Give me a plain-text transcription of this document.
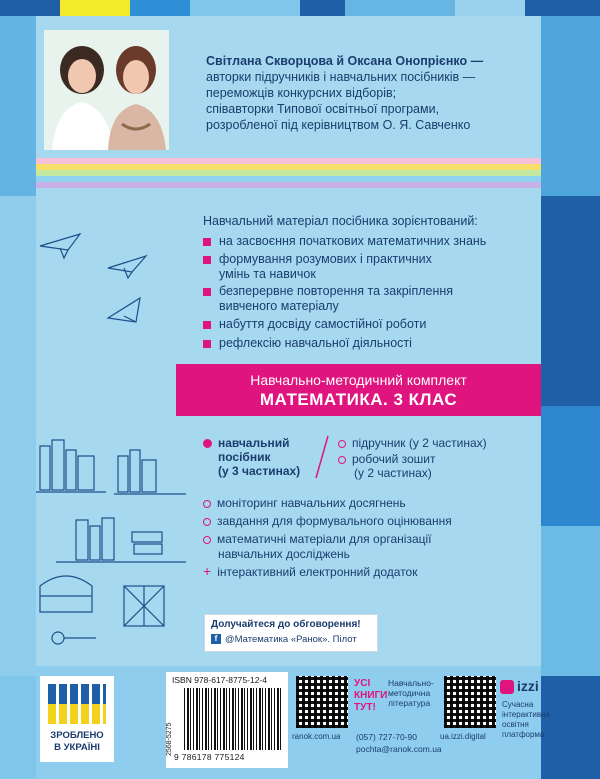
Світлана Скворцова й Оксана Онопрієнко —
авторки підручників і навчальних посібників —
переможців конкурсних відборів;
співавторки Типової освітньої програми,
розробленої під керівництвом О. Я. Савченко
Навчальний матеріал посібника зорієнтований:
на засвоєння початкових математичних знань
формування розумових і практичних
умінь та навичок
безперервне повторення та закріплення
вивченого матеріалу
набуття досвіду самостійної роботи
рефлексію навчальної діяльності
Навчально-методичний комплект
МАТЕМАТИКА. 3 КЛАС
навчальний
посібник
(у 3 частинах)
підручник (у 2 частинах)
робочий зошит
(у 2 частинах)
моніторинг навчальних досягнень
завдання для формувального оцінювання
математичні матеріали для організації
навчальних досліджень
+ інтерактивний електронний додаток
Долучайтеся до обговорення!
f @Математика «Ранок». Пілот
ЗРОБЛЕНО
В УКРАЇНІ
ISBN 978-617-8775-12-4
2568-5275
9 786178 775124
ranok.com.ua
УСІ
КНИГИ
ТУТ!
Навчально-
методична
література
(057) 727-70-90
pochta@ranok.com.ua
ua.izzi.digital
izzi
Сучасна
інтерактивна
освітня
платформа
